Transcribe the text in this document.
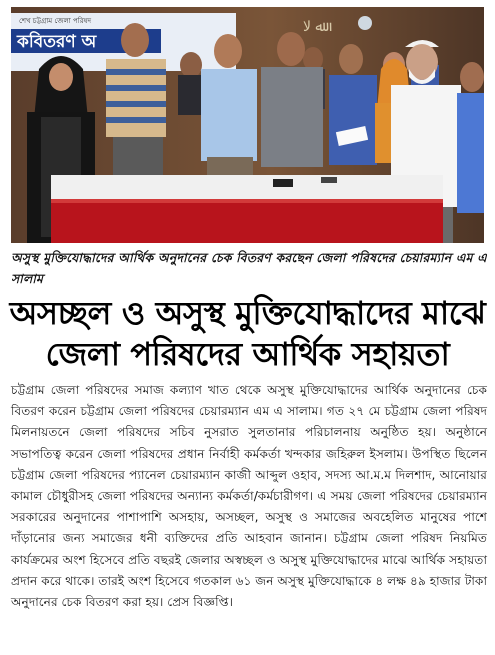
শেখ চট্টগ্রাম জেলা পরিষদ
কবিতরণ অ
ﷲ ﻻ
অসুস্থ মুক্তিযোদ্ধাদের আর্থিক অনুদানের চেক বিতরণ করছেন জেলা পরিষদের চেয়ারম্যান এম এ সালাম
অসচ্ছল ও অসুস্থ মুক্তিযোদ্ধাদের মাঝে
জেলা পরিষদের আর্থিক সহায়তা
চট্টগ্রাম জেলা পরিষদের সমাজ কল্যাণ খাত থেকে অসুস্থ মুক্তিযোদ্ধাদের আর্থিক অনুদানের চেক বিতরণ করেন চট্টগ্রাম জেলা পরিষদের চেয়ারম্যান এম এ সালাম। গত ২৭ মে চট্টগ্রাম জেলা পরিষদ মিলনায়তনে জেলা পরিষদের সচিব নুসরাত সুলতানার পরিচালনায় অনুষ্ঠিত হয়। অনুষ্ঠানে সভাপতিত্ব করেন জেলা পরিষদের প্রধান নির্বাহী কর্মকর্তা খন্দকার জহিরুল ইসলাম। উপস্থিত ছিলেন চট্টগ্রাম জেলা পরিষদের প্যানেল চেয়ারম্যান কাজী আব্দুল ওহাব, সদস্য আ.ম.ম দিলশাদ, আনোয়ার কামাল চৌধুরীসহ জেলা পরিষদের অন্যান্য কর্মকর্তা/কর্মচারীগণ। এ সময় জেলা পরিষদের চেয়ারম্যান সরকারের অনুদানের পাশাপাশি অসহায়, অসচ্ছল, অসুস্থ ও সমাজের অবহেলিত মানুষের পাশে দাঁড়ানোর জন্য সমাজের ধনী ব্যক্তিদের প্রতি আহবান জানান। চট্টগ্রাম জেলা পরিষদ নিয়মিত কার্যক্রমের অংশ হিসেবে প্রতি বছরই জেলার অস্বচ্ছল ও অসুস্থ মুক্তিযোদ্ধাদের মাঝে আর্থিক সহায়তা প্রদান করে থাকে। তারই অংশ হিসেবে গতকাল ৬১ জন অসুস্থ মুক্তিযোদ্ধাকে ৪ লক্ষ ৪৯ হাজার টাকা অনুদানের চেক বিতরণ করা হয়। প্রেস বিজ্ঞপ্তি।
